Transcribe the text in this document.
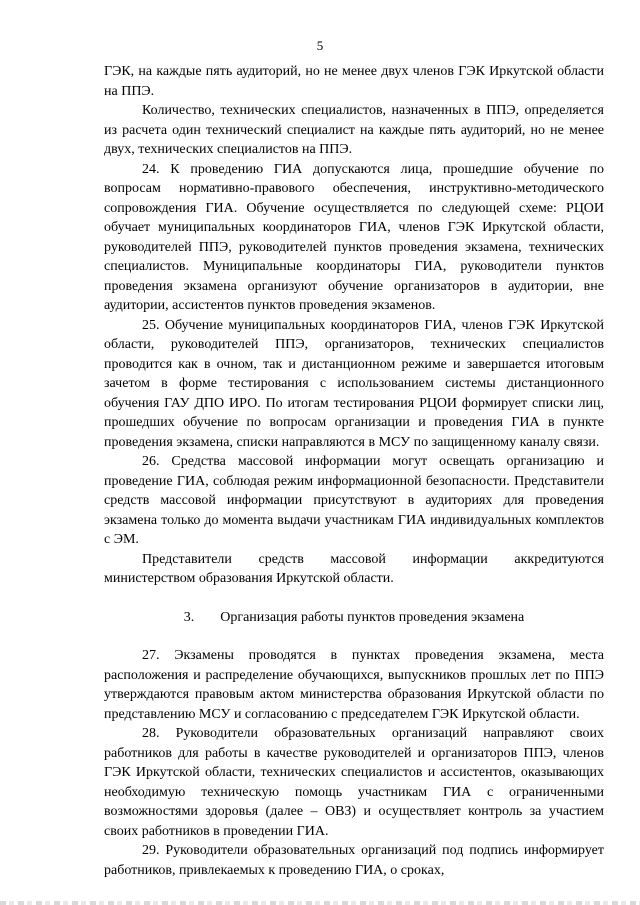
5

ГЭК, на каждые пять аудиторий, но не менее двух членов ГЭК Иркутской области на ППЭ.

Количество, технических специалистов, назначенных в ППЭ, определяется из расчета один технический специалист на каждые пять аудиторий, но не менее двух, технических специалистов на ППЭ.

24. К проведению ГИА допускаются лица, прошедшие обучение по вопросам нормативно-правового обеспечения, инструктивно-методического сопровождения ГИА. Обучение осуществляется по следующей схеме: РЦОИ обучает муниципальных координаторов ГИА, членов ГЭК Иркутской области, руководителей ППЭ, руководителей пунктов проведения экзамена, технических специалистов. Муниципальные координаторы ГИА, руководители пунктов проведения экзамена организуют обучение организаторов в аудитории, вне аудитории, ассистентов пунктов проведения экзаменов.

25. Обучение муниципальных координаторов ГИА, членов ГЭК Иркутской области, руководителей ППЭ, организаторов, технических специалистов проводится как в очном, так и дистанционном режиме и завершается итоговым зачетом в форме тестирования с использованием системы дистанционного обучения ГАУ ДПО ИРО. По итогам тестирования РЦОИ формирует списки лиц, прошедших обучение по вопросам организации и проведения ГИА в пункте проведения экзамена, списки направляются в МСУ по защищенному каналу связи.

26. Средства массовой информации могут освещать организацию и проведение ГИА, соблюдая режим информационной безопасности. Представители средств массовой информации присутствуют в аудиториях для проведения экзамена только до момента выдачи участникам ГИА индивидуальных комплектов с ЭМ.

Представители средств массовой информации аккредитуются министерством образования Иркутской области.

3. Организация работы пунктов проведения экзамена

27. Экзамены проводятся в пунктах проведения экзамена, места расположения и распределение обучающихся, выпускников прошлых лет по ППЭ утверждаются правовым актом министерства образования Иркутской области по представлению МСУ и согласованию с председателем ГЭК Иркутской области.

28. Руководители образовательных организаций направляют своих работников для работы в качестве руководителей и организаторов ППЭ, членов ГЭК Иркутской области, технических специалистов и ассистентов, оказывающих необходимую техническую помощь участникам ГИА с ограниченными возможностями здоровья (далее – ОВЗ) и осуществляет контроль за участием своих работников в проведении ГИА.

29. Руководители образовательных организаций под подпись информирует работников, привлекаемых к проведению ГИА, о сроках,
